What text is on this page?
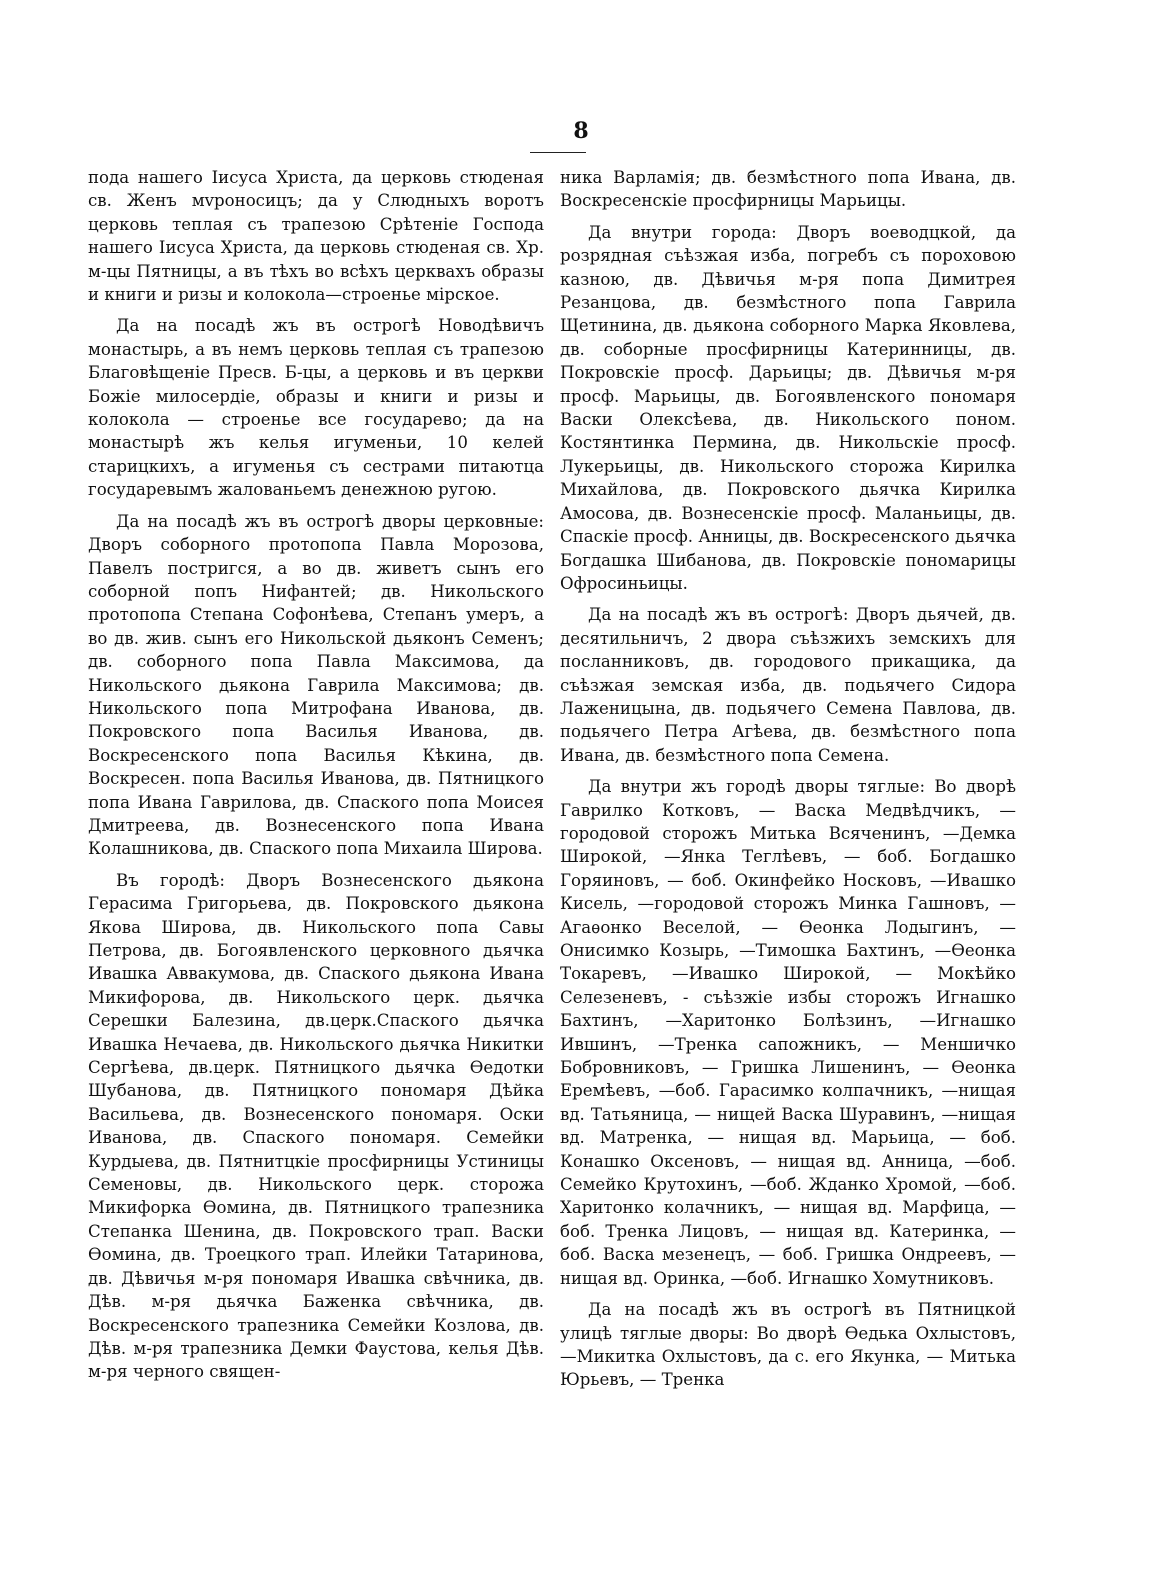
8

пода нашего Іисуса Христа, да церковь стюденая св. Женъ мvроносицъ; да у Слюдныхъ воротъ церковь теплая съ трапезою Срѣтеніе Господа нашего Іисуса Христа, да церковь стюденая св. Хр. м-цы Пятницы, а въ тѣхъ во всѣхъ церквахъ образы и книги и ризы и колокола—строенье мірское.

Да на посадѣ жъ въ острогѣ Новодѣвичъ монастырь, а въ немъ церковь теплая съ трапезою Благовѣщеніе Пресв. Б-цы, а церковь и въ церкви Божіе милосердіе, образы и книги и ризы и колокола — строенье все государево; да на монастырѣ жъ келья игуменьи, 10 келей старицкихъ, а игуменья съ сестрами питаютца государевымъ жалованьемъ денежною ругою.

Да на посадѣ жъ въ острогѣ дворы церковные: Дворъ соборного протопопа Павла Морозова, Павелъ постригся, а во дв. живетъ сынъ его соборной попъ Нифантей; дв. Никольского протопопа Степана Софонѣева, Степанъ умеръ, а во дв. жив. сынъ его Никольской дьяконъ Семенъ; дв. соборного попа Павла Максимова, да Никольского дьякона Гаврила Максимова; дв. Никольского попа Митрофана Иванова, дв. Покровского попа Василья Иванова, дв. Воскресенского попа Василья Кѣкина, дв. Воскресен. попа Василья Иванова, дв. Пятницкого попа Ивана Гаврилова, дв. Спаского попа Моисея Дмитреева, дв. Вознесенского попа Ивана Колашникова, дв. Спаского попа Михаила Широва.

Въ городѣ: Дворъ Вознесенского дьякона Герасима Григорьева, дв. Покровского дьякона Якова Широва, дв. Никольского попа Савы Петрова, дв. Богоявленского церковного дьячка Ивашка Аввакумова, дв. Спаского дьякона Ивана Микифорова, дв. Никольского церк. дьячка Серешки Балезина, дв.церк.Спаского дьячка Ивашка Нечаева, дв. Никольского дьячка Никитки Сергѣева, дв.церк. Пятницкого дьячка Ѳедотки Шубанова, дв. Пятницкого пономаря Дѣйка Васильева, дв. Вознесенского пономаря. Оски Иванова, дв. Спаского пономаря. Семейки Курдыева, дв. Пятнитцкіе просфирницы Устиницы Семеновы, дв. Никольского церк. сторожа Микифорка Ѳомина, дв. Пятницкого трапезника Степанка Шенина, дв. Покровского трап. Васки Ѳомина, дв. Троецкого трап. Илейки Татаринова, дв. Дѣвичья м-ря пономаря Ивашка свѣчника, дв. Дѣв. м-ря дьячка Баженка свѣчника, дв. Воскресенского трапезника Семейки Козлова, дв. Дѣв. м-ря трапезника Демки Фаустова, келья Дѣв. м-ря черного священ-

ника Варламія; дв. безмѣстного попа Ивана, дв. Воскресенскіе просфирницы Марьицы.

Да внутри города: Дворъ воеводцкой, да розрядная съѣзжая изба, погребъ съ пороховою казною, дв. Дѣвичья м-ря попа Димитрея Резанцова, дв. безмѣстного попа Гаврила Щетинина, дв. дьякона соборного Марка Яковлева, дв. соборные просфирницы Катеринницы, дв. Покровскіе просф. Дарьицы; дв. Дѣвичья м-ря просф. Марьицы, дв. Богоявленского пономаря Васки Олексѣева, дв. Никольского поном. Костянтинка Пермина, дв. Никольскіе просф. Лукерьицы, дв. Никольского сторожа Кирилка Михайлова, дв. Покровского дьячка Кирилка Амосова, дв. Вознесенскіе просф. Маланьицы, дв. Спаскіе просф. Анницы, дв. Воскресенского дьячка Богдашка Шибанова, дв. Покровскіе пономарицы Офросиньицы.

Да на посадѣ жъ въ острогѣ: Дворъ дьячей, дв. десятильничъ, 2 двора съѣзжихъ земскихъ для посланниковъ, дв. городового прикащика, да съѣзжая земская изба, дв. подьячего Сидора Лаженицына, дв. подьячего Семена Павлова, дв. подьячего Петра Агѣева, дв. безмѣстного попа Ивана, дв. безмѣстного попа Семена.

Да внутри жъ городѣ дворы тяглые: Во дворѣ Гаврилко Котковъ, — Васка Медвѣдчикъ, — городовой сторожъ Митька Всяченинъ, —Демка Широкой, —Янка Теглѣевъ, — боб. Богдашко Горяиновъ, — боб. Окинфейко Носковъ, —Ивашко Кисель, —городовой сторожъ Минка Гашновъ, —Агаѳонко Веселой, — Ѳеонка Лодыгинъ, —Онисимко Козырь, —Тимошка Бахтинъ, —Ѳеонка Токаревъ, —Ивашко Широкой, — Мокѣйко Селезеневъ, - съѣзжіе избы сторожъ Игнашко Бахтинъ, —Харитонко Болѣзинъ, —Игнашко Ившинъ, —Тренка сапожникъ, — Меншичко Бобровниковъ, — Гришка Лишенинъ, — Ѳеонка Еремѣевъ, —боб. Гарасимко колпачникъ, —нищая вд. Татьяница, — нищей Васка Шуравинъ, —нищая вд. Матренка, — нищая вд. Марьица, — боб. Конашко Оксеновъ, — нищая вд. Анница, —боб. Семейко Крутохинъ, —боб. Жданко Хромой, —боб. Харитонко колачникъ, — нищая вд. Марфица, — боб. Тренка Лицовъ, — нищая вд. Катеринка, —боб. Васка мезенецъ, — боб. Гришка Ондреевъ, — нищая вд. Оринка, —боб. Игнашко Хомутниковъ.

Да на посадѣ жъ въ острогѣ въ Пятницкой улицѣ тяглые дворы: Во дворѣ Ѳедька Охлыстовъ, —Микитка Охлыстовъ, да с. его Якунка, — Митька Юрьевъ, — Тренка
